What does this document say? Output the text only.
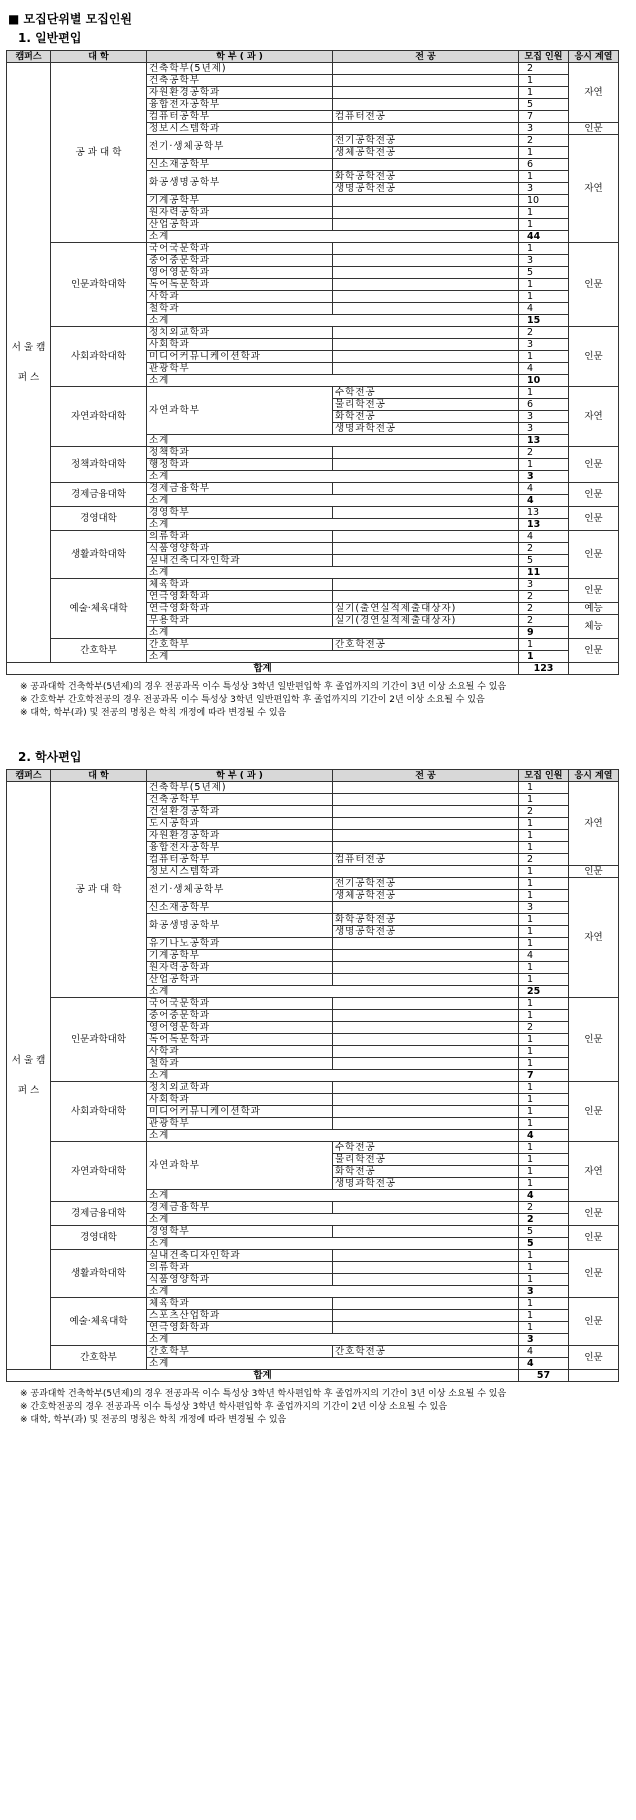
■ 모집단위별 모집인원
1. 일반편입
캠퍼스	대 학	학 부 ( 과 )	전 공	모집 인원	응시 계열
서 울 캠 퍼 스	공 과 대 학	건축학부(5년제)		2	자연
		건축공학부		1	
		자원환경공학과		1	
		융합전자공학부		5	
		컴퓨터공학부	컴퓨터전공	7	
		정보시스템학과		3	인문
		전기·생체공학부	전기공학전공	2	자연
			생체공학전공	1	
		신소재공학부		6	
		화공생명공학부	화학공학전공	1	
			생명공학전공	3	
		기계공학부		10	
		원자력공학과		1	
		산업공학과		1	
		소계		44	
	인문과학대학	국어국문학과		1	인문
		중어중문학과		3	
		영어영문학과		5	
		독어독문학과		1	
		사학과		1	
		철학과		4	
		소계		15	
	사회과학대학	정치외교학과		2	인문
		사회학과		3	
		미디어커뮤니케이션학과		1	
		관광학부		4	
		소계		10	
	자연과학대학	자연과학부	수학전공	1	자연
			물리학전공	6	
			화학전공	3	
			생명과학전공	3	
		소계		13	
	정책과학대학	정책학과		2	인문
		행정학과		1	
		소계		3	
	경제금융대학	경제금융학부		4	인문
		소계		4	
	경영대학	경영학부		13	인문
		소계		13	
	생활과학대학	의류학과		4	인문
		식품영양학과		2	
		실내건축디자인학과		5	
		소계		11	
	예술·체육대학	체육학과		3	인문
		연극영화학과		2	
		연극영화학과	실기(출연실적제출대상자)	2	예능
		무용학과	실기(경연실적제출대상자)	2	체능
		소계		9	
	간호학부	간호학부	간호학전공	1	인문
		소계		1	
합계				123	
※ 공과대학 건축학부(5년제)의 경우 전공과목 이수 특성상 3학년 일반편입학 후 졸업까지의 기간이 3년 이상 소요될 수 있음
※ 간호학부 간호학전공의 경우 전공과목 이수 특성상 3학년 일반편입학 후 졸업까지의 기간이 2년 이상 소요될 수 있음
※ 대학, 학부(과) 및 전공의 명칭은 학칙 개정에 따라 변경될 수 있음
2. 학사편입
캠퍼스	대 학	학 부 ( 과 )	전 공	모집 인원	응시 계열
서 울 캠 퍼 스	공 과 대 학	건축학부(5년제)		1	자연
		건축공학부		1	
		건설환경공학과		2	
		도시공학과		1	
		자원환경공학과		1	
		융합전자공학부		1	
		컴퓨터공학부	컴퓨터전공	2	
		정보시스템학과		1	인문
		전기·생체공학부	전기공학전공	1	자연
			생체공학전공	1	
		신소재공학부		3	
		화공생명공학부	화학공학전공	1	
			생명공학전공	1	
		유기나노공학과		1	
		기계공학부		4	
		원자력공학과		1	
		산업공학과		1	
		소계		25	
	인문과학대학	국어국문학과		1	인문
		중어중문학과		1	
		영어영문학과		2	
		독어독문학과		1	
		사학과		1	
		철학과		1	
		소계		7	
	사회과학대학	정치외교학과		1	인문
		사회학과		1	
		미디어커뮤니케이션학과		1	
		관광학부		1	
		소계		4	
	자연과학대학	자연과학부	수학전공	1	자연
			물리학전공	1	
			화학전공	1	
			생명과학전공	1	
		소계		4	
	경제금융대학	경제금융학부		2	인문
		소계		2	
	경영대학	경영학부		5	인문
		소계		5	
	생활과학대학	실내건축디자인학과		1	인문
		의류학과		1	
		식품영양학과		1	
		소계		3	
	예술·체육대학	체육학과		1	인문
		스포츠산업학과		1	
		연극영화학과		1	
		소계		3	
	간호학부	간호학부	간호학전공	4	인문
		소계		4	
합계				57	
※ 공과대학 건축학부(5년제)의 경우 전공과목 이수 특성상 3학년 학사편입학 후 졸업까지의 기간이 3년 이상 소요될 수 있음
※ 간호학전공의 경우 전공과목 이수 특성상 3학년 학사편입학 후 졸업까지의 기간이 2년 이상 소요될 수 있음
※ 대학, 학부(과) 및 전공의 명칭은 학칙 개정에 따라 변경될 수 있음
